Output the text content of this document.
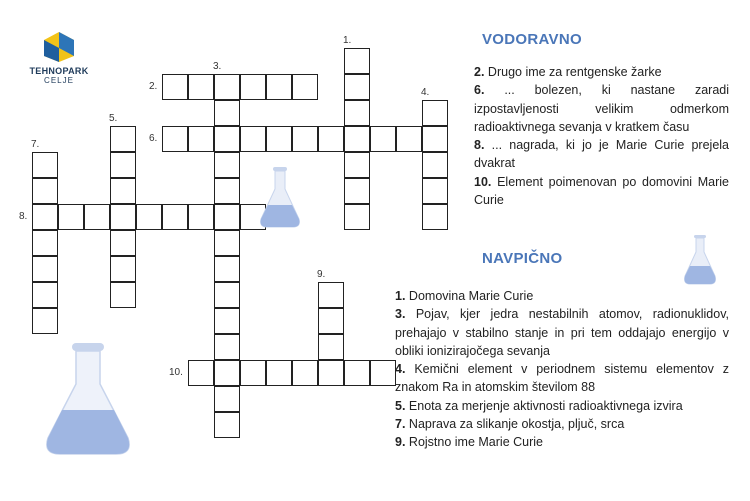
TEHNOPARK
CELJE
1.
2.
3.
4.
5.
6.
7.
8.
9.
10.
VODORAVNO
2. Drugo ime za rentgenske žarke
6. ... bolezen, ki nastane zaradi izpostavljenosti velikim odmerkom radioaktivnega sevanja v kratkem času
8. ... nagrada, ki jo je Marie Curie prejela dvakrat
10. Element poimenovan po domovini Marie Curie
NAVPIČNO
1. Domovina Marie Curie
3. Pojav, kjer jedra nestabilnih atomov, radionuklidov, prehajajo v stabilno stanje in pri tem oddajajo energijo v obliki ionizirajočega sevanja
4. Kemični element v periodnem sistemu elementov z znakom Ra in atomskim številom 88
5. Enota za merjenje aktivnosti radioaktivnega izvira
7. Naprava za slikanje okostja, pljuč, srca
9. Rojstno ime Marie Curie
